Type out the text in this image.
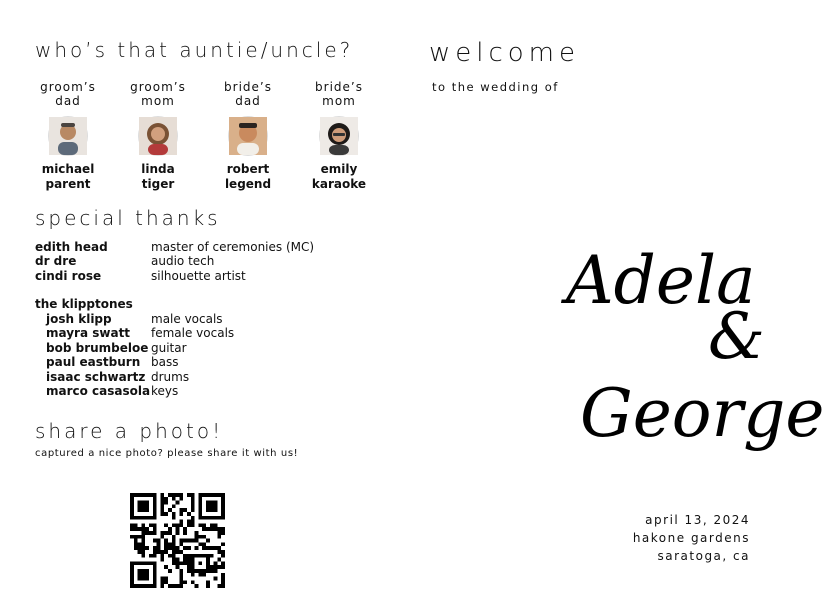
who’s that auntie/uncle?
groom’s
dad
michael
parent
groom’s
mom
linda
tiger
bride’s
dad
robert
legend
bride’s
mom
emily
karaoke
special thanks
edith head	master of ceremonies (MC)
dr dre	audio tech
cindi rose	silhouette artist
the klipptones
josh klipp	male vocals
mayra swatt female vocals
bob brumbeloe guitar
paul eastburn bass
isaac schwartz drums
marco casasola keys
share a photo!
captured a nice photo? please share it with us!
welcome
to the wedding of
Adela
&
George
april 13, 2024
hakone gardens
saratoga, ca
